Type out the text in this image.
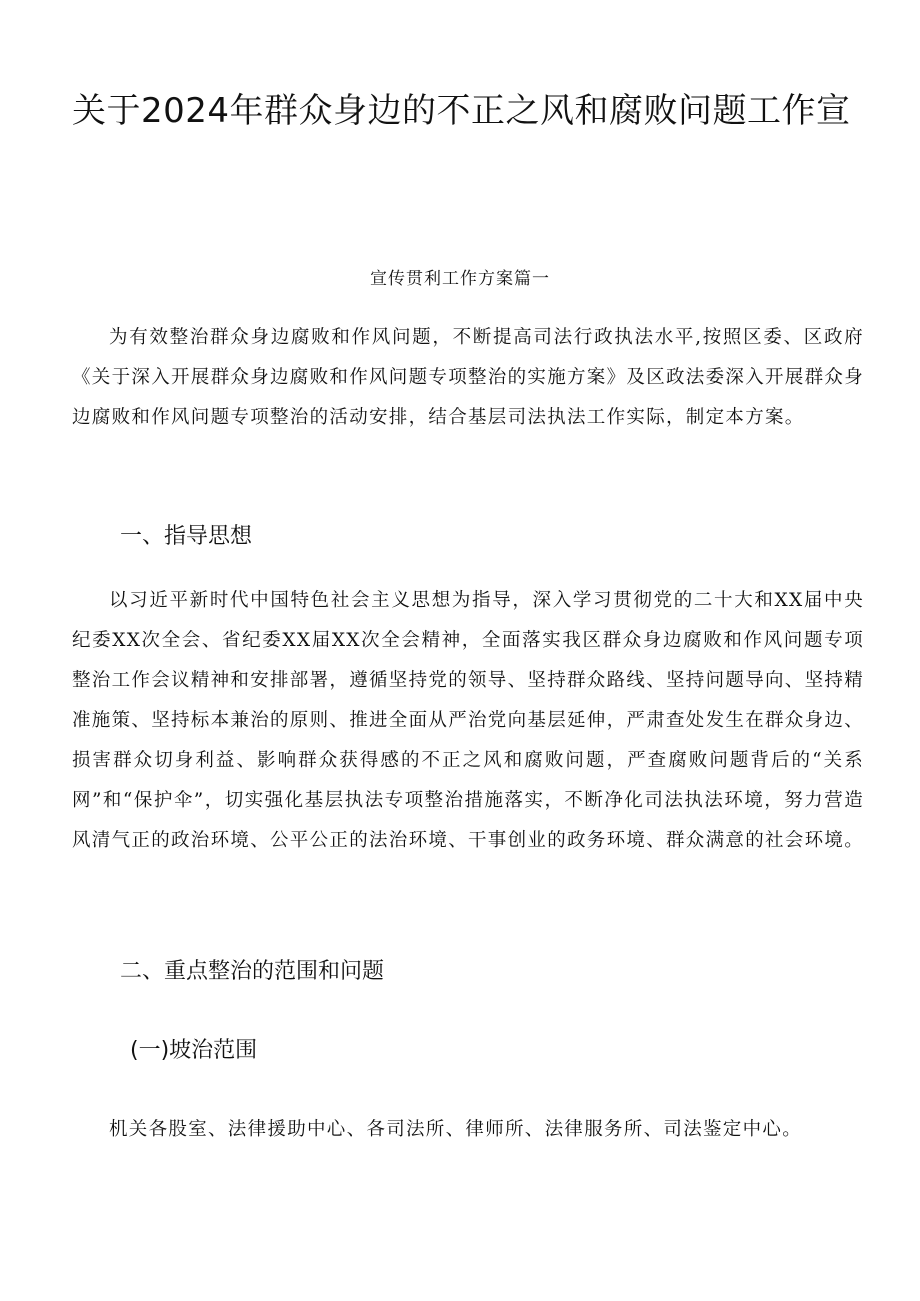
关于2024年群众身边的不正之风和腐败问题工作宣
宣传贯利工作方案篇一

为有效整治群众身边腐败和作风问题，不断提高司法行政执法水平,按照区委、区政府《关于深入开展群众身边腐败和作风问题专项整治的实施方案》及区政法委深入开展群众身边腐败和作风问题专项整治的活动安排，结合基层司法执法工作实际，制定本方案。

一、指导思想

以习近平新时代中国特色社会主义思想为指导，深入学习贯彻党的二十大和XX届中央纪委XX次全会、省纪委XX届XX次全会精神，全面落实我区群众身边腐败和作风问题专项整治工作会议精神和安排部署，遵循坚持党的领导、坚持群众路线、坚持问题导向、坚持精准施策、坚持标本兼治的原则、推进全面从严治党向基层延伸，严肃查处发生在群众身边、损害群众切身利益、影响群众获得感的不正之风和腐败问题，严查腐败问题背后的“关系网”和“保护伞”，切实强化基层执法专项整治措施落实，不断净化司法执法环境，努力营造风清气正的政治环境、公平公正的法治环境、干事创业的政务环境、群众满意的社会环境。

二、重点整治的范围和问题
(一)坡治范围

机关各股室、法律援助中心、各司法所、律师所、法律服务所、司法鉴定中心。
